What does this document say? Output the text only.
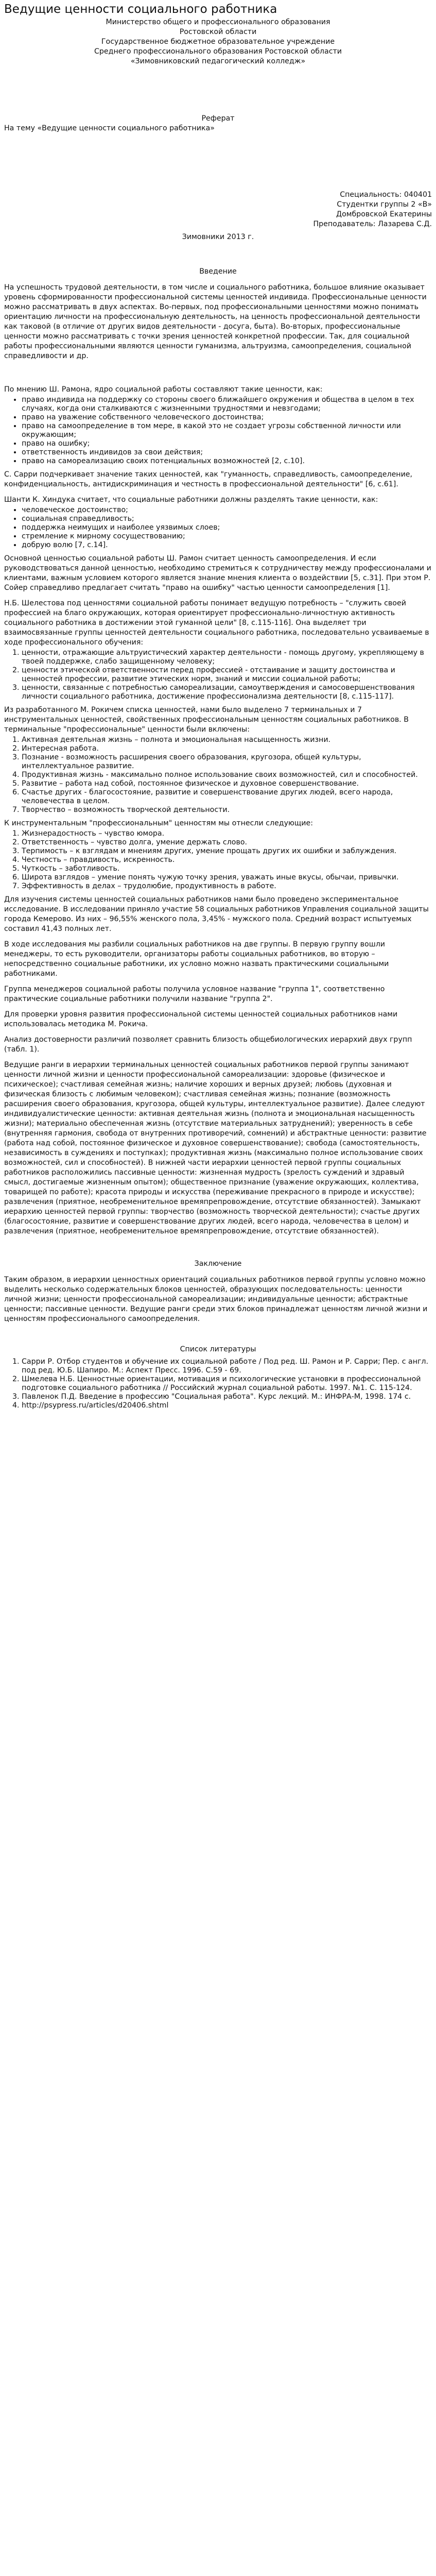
Ведущие ценности социального работника

Министерство общего и профессионального образования

Ростовской области

Государственное бюджетное образовательное учреждение

Среднего профессионального образования Ростовской области

«Зимовниковский педагогический колледж»

Реферат

На тему «Ведущие ценности социального работника»

Специальность: 040401

Студентки группы 2 «В»

Домбровской Екатерины

Преподаватель: Лазарева С.Д.

Зимовники 2013 г.

Введение

На успешность трудовой деятельности, в том числе и социального работника, большое влияние оказывает уровень сформированности профессиональной системы ценностей индивида. Профессиональные ценности можно рассматривать в двух аспектах. Во-первых, под профессиональными ценностями можно понимать ориентацию личности на профессиональную деятельность, на ценность профессиональной деятельности как таковой (в отличие от других видов деятельности - досуга, быта). Во-вторых, профессиональные ценности можно рассматривать с точки зрения ценностей конкретной профессии. Так, для социальной работы профессиональными являются ценности гуманизма, альтруизма, самоопределения, социальной справедливости и др.

По мнению Ш. Рамона, ядро социальной работы составляют такие ценности, как:

• право индивида на поддержку со стороны своего ближайшего окружения и общества в целом в тех случаях, когда они сталкиваются с жизненными трудностями и невзгодами;
• право на уважение собственного человеческого достоинства;
• право на самоопределение в том мере, в какой это не создает угрозы собственной личности или окружающим;
• право на ошибку;
• ответственность индивидов за свои действия;
• право на самореализацию своих потенциальных возможностей [2, с.10].

С. Сарри подчеркивает значение таких ценностей, как "гуманность, справедливость, самоопределение, конфиденциальность, антидискриминация и честность в профессиональной деятельности" [6, с.61].

Шанти К. Хиндука считает, что социальные работники должны разделять такие ценности, как:

• человеческое достоинство;
• социальная справедливость;
• поддержка неимущих и наиболее уязвимых слоев;
• стремление к мирному сосуществованию;
• добрую волю [7, с.14].

Основной ценностью социальной работы Ш. Рамон считает ценность самоопределения. И если руководствоваться данной ценностью, необходимо стремиться к сотрудничеству между профессионалами и клиентами, важным условием которого является знание мнения клиента о воздействии [5, с.31]. При этом Р. Сойер справедливо предлагает считать "право на ошибку" частью ценности самоопределения [1].

Н.Б. Шелестова под ценностями социальной работы понимает ведущую потребность – "служить своей профессией на благо окружающих, которая ориентирует профессионально-личностную активность социального работника в достижении этой гуманной цели" [8, с.115-116]. Она выделяет три взаимосвязанные группы ценностей деятельности социального работника, последовательно усваиваемые в ходе профессионального обучения:

1. ценности, отражающие альтруистический характер деятельности - помощь другому, укрепляющему в твоей поддержке, слабо защищенному человеку;
2. ценности этической ответственности перед профессией - отстаивание и защиту достоинства и ценностей профессии, развитие этических норм, знаний и миссии социальной работы;
3. ценности, связанные с потребностью самореализации, самоутверждения и самосовершенствования личности социального работника, достижение профессионализма деятельности [8, с.115-117].

Из разработанного М. Рокичем списка ценностей, нами было выделено 7 терминальных и 7 инструментальных ценностей, свойственных профессиональным ценностям социальных работников. В терминальные "профессиональные" ценности были включены:

1. Активная деятельная жизнь – полнота и эмоциональная насыщенность жизни.
2. Интересная работа.
3. Познание - возможность расширения своего образования, кругозора, общей культуры, интеллектуальное развитие.
4. Продуктивная жизнь - максимально полное использование своих возможностей, сил и способностей.
5. Развитие – работа над собой, постоянное физическое и духовное совершенствование.
6. Счастье других - благосостояние, развитие и совершенствование других людей, всего народа, человечества в целом.
7. Творчество – возможность творческой деятельности.

К инструментальным "профессиональным" ценностям мы отнесли следующие:

1. Жизнерадостность – чувство юмора.
2. Ответственность – чувство долга, умение держать слово.
3. Терпимость – к взглядам и мнениям других, умение прощать других их ошибки и заблуждения.
4. Честность – правдивость, искренность.
5. Чуткость – заботливость.
6. Широта взглядов – умение понять чужую точку зрения, уважать иные вкусы, обычаи, привычки.
7. Эффективность в делах – трудолюбие, продуктивность в работе.

Для изучения системы ценностей социальных работников нами было проведено экспериментальное исследование. В исследовании приняло участие 58 социальных работников Управления социальной защиты города Кемерово. Из них – 96,55% женского пола, 3,45% - мужского пола. Средний возраст испытуемых составил 41,43 полных лет.

В ходе исследования мы разбили социальных работников на две группы. В первую группу вошли менеджеры, то есть руководители, организаторы работы социальных работников, во вторую – непосредственно социальные работники, их условно можно назвать практическими социальными работниками.

Группа менеджеров социальной работы получила условное название "группа 1", соответственно практические социальные работники получили название "группа 2".

Для проверки уровня развития профессиональной системы ценностей социальных работников нами использовалась методика М. Рокича.

Анализ достоверности различий позволяет сравнить близость общебиологических иерархий двух групп (табл. 1).

Ведущие ранги в иерархии терминальных ценностей социальных работников первой группы занимают ценности личной жизни и ценности профессиональной самореализации: здоровье (физическое и психическое); счастливая семейная жизнь; наличие хороших и верных друзей; любовь (духовная и физическая близость с любимым человеком); счастливая семейная жизнь; познание (возможность расширения своего образования, кругозора, общей культуры, интеллектуальное развитие). Далее следуют индивидуалистические ценности: активная деятельная жизнь (полнота и эмоциональная насыщенность жизни); материально обеспеченная жизнь (отсутствие материальных затруднений); уверенность в себе (внутренняя гармония, свобода от внутренних противоречий, сомнений) и абстрактные ценности: развитие (работа над собой, постоянное физическое и духовное совершенствование); свобода (самостоятельность, независимость в суждениях и поступках); продуктивная жизнь (максимально полное использование своих возможностей, сил и способностей). В нижней части иерархии ценностей первой группы социальных работников расположились пассивные ценности: жизненная мудрость (зрелость суждений и здравый смысл, достигаемые жизненным опытом); общественное признание (уважение окружающих, коллектива, товарищей по работе); красота природы и искусства (переживание прекрасного в природе и искусстве); развлечения (приятное, необременительное времяпрепровождение, отсутствие обязанностей). Замыкают иерархию ценностей первой группы: творчество (возможность творческой деятельности); счастье других (благосостояние, развитие и совершенствование других людей, всего народа, человечества в целом) и развлечения (приятное, необременительное времяпрепровождение, отсутствие обязанностей).

Заключение

Таким образом, в иерархии ценностных ориентаций социальных работников первой группы условно можно выделить несколько содержательных блоков ценностей, образующих последовательность: ценности личной жизни; ценности профессиональной самореализации; индивидуальные ценности; абстрактные ценности; пассивные ценности. Ведущие ранги среди этих блоков принадлежат ценностям личной жизни и ценностям профессионального самоопределения.

Список литературы

1. Сарри Р. Отбор студентов и обучение их социальной работе / Под ред. Ш. Рамон и Р. Сарри; Пер. с англ. под ред. Ю.Б. Шапиро. М.: Аспект Пресс. 1996. С.59 - 69.
2. Шмелева Н.Б. Ценностные ориентации, мотивация и психологические установки в профессиональной подготовке социального работника // Российский журнал социальной работы. 1997. №1. С. 115-124.
3. Павленок П.Д. Введение в профессию "Социальная работа". Курс лекций. М.: ИНФРА-М, 1998. 174 с.
4. http://psypress.ru/articles/d20406.shtml
